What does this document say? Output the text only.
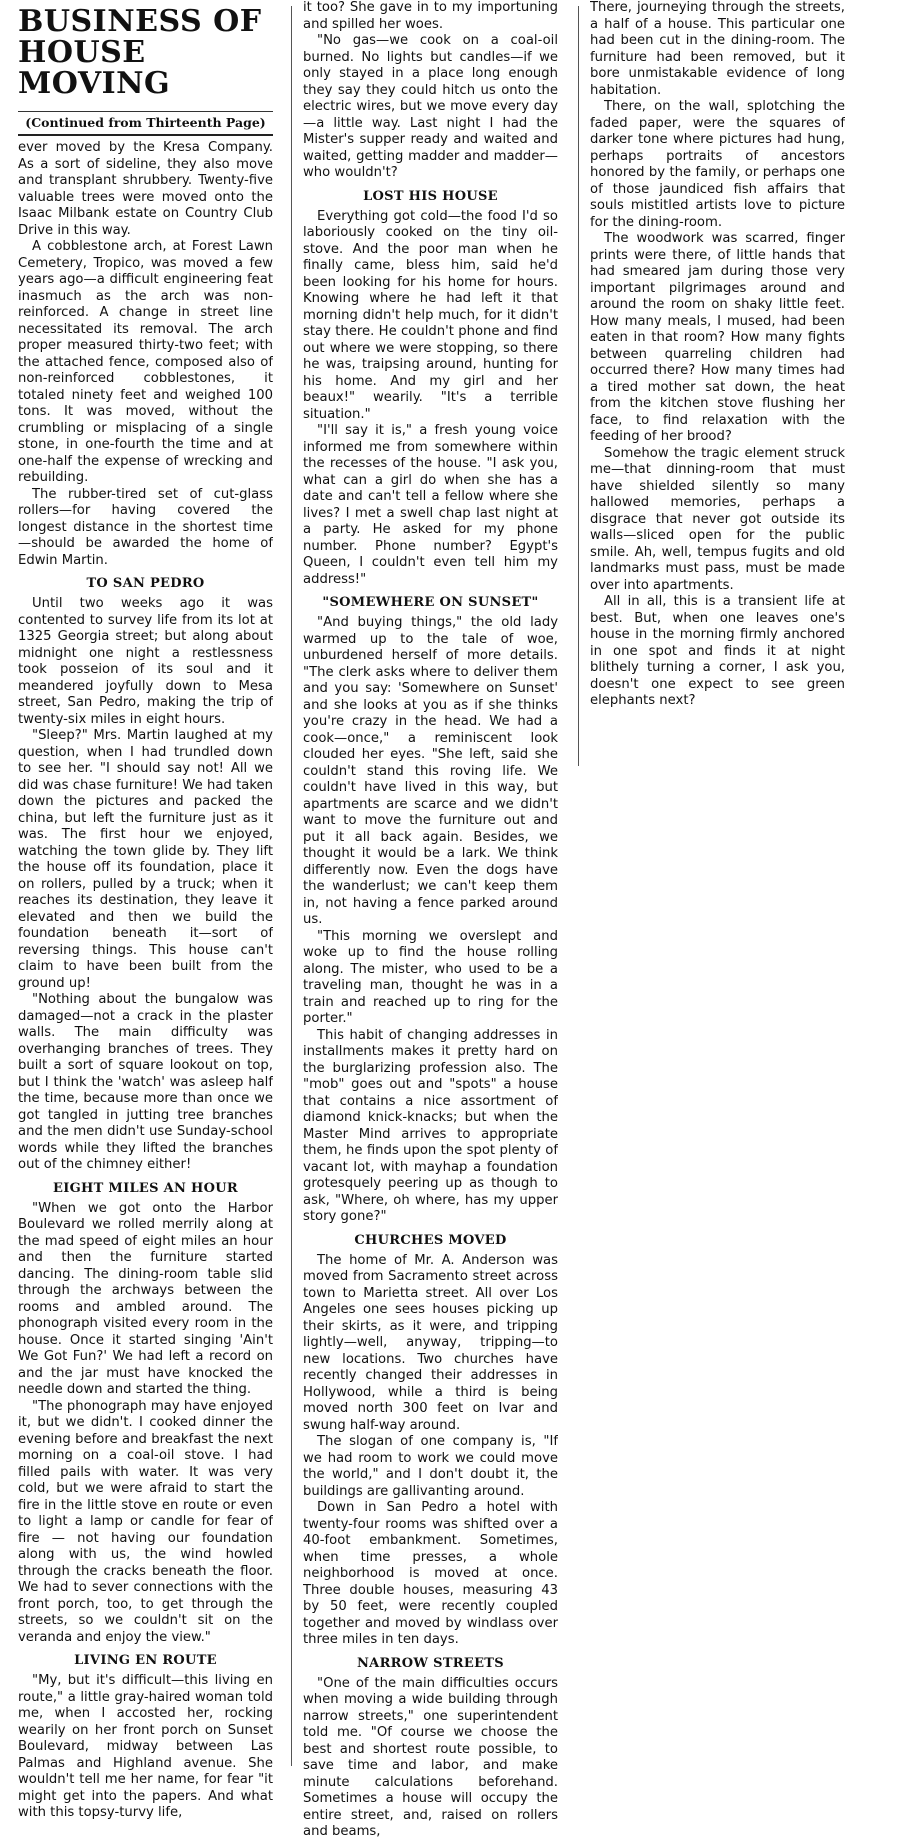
BUSINESS OF
HOUSE MOVING
(Continued from Thirteenth Page)

ever moved by the Kresa Company. As a sort of sideline, they also move and transplant shrubbery. Twenty-five valuable trees were moved onto the Isaac Milbank estate on Country Club Drive in this way.

A cobblestone arch, at Forest Lawn Cemetery, Tropico, was moved a few years ago—a difficult engineering feat inasmuch as the arch was non-reinforced. A change in street line necessitated its removal. The arch proper measured thirty-two feet; with the attached fence, composed also of non-reinforced cobblestones, it totaled ninety feet and weighed 100 tons. It was moved, without the crumbling or misplacing of a single stone, in one-fourth the time and at one-half the expense of wrecking and rebuilding.

The rubber-tired set of cut-glass rollers—for having covered the longest distance in the shortest time—should be awarded the home of Edwin Martin.

TO SAN PEDRO

Until two weeks ago it was contented to survey life from its lot at 1325 Georgia street; but along about midnight one night a restlessness took posseion of its soul and it meandered joyfully down to Mesa street, San Pedro, making the trip of twenty-six miles in eight hours.

"Sleep?" Mrs. Martin laughed at my question, when I had trundled down to see her. "I should say not! All we did was chase furniture! We had taken down the pictures and packed the china, but left the furniture just as it was. The first hour we enjoyed, watching the town glide by. They lift the house off its foundation, place it on rollers, pulled by a truck; when it reaches its destination, they leave it elevated and then we build the foundation beneath it—sort of reversing things. This house can't claim to have been built from the ground up!

"Nothing about the bungalow was damaged—not a crack in the plaster walls. The main difficulty was overhanging branches of trees. They built a sort of square lookout on top, but I think the 'watch' was asleep half the time, because more than once we got tangled in jutting tree branches and the men didn't use Sunday-school words while they lifted the branches out of the chimney either!

EIGHT MILES AN HOUR

"When we got onto the Harbor Boulevard we rolled merrily along at the mad speed of eight miles an hour and then the furniture started dancing. The dining-room table slid through the archways between the rooms and ambled around. The phonograph visited every room in the house. Once it started singing 'Ain't We Got Fun?' We had left a record on and the jar must have knocked the needle down and started the thing.

"The phonograph may have enjoyed it, but we didn't. I cooked dinner the evening before and breakfast the next morning on a coal-oil stove. I had filled pails with water. It was very cold, but we were afraid to start the fire in the little stove en route or even to light a lamp or candle for fear of fire — not having our foundation along with us, the wind howled through the cracks beneath the floor. We had to sever connections with the front porch, too, to get through the streets, so we couldn't sit on the veranda and enjoy the view."

LIVING EN ROUTE

"My, but it's difficult—this living en route," a little gray-haired woman told me, when I accosted her, rocking wearily on her front porch on Sunset Boulevard, midway between Las Palmas and Highland avenue. She wouldn't tell me her name, for fear "it might get into the papers. And what with this topsy-turvy life,

it too? She gave in to my importuning and spilled her woes.

"No gas—we cook on a coal-oil burned. No lights but candles—if we only stayed in a place long enough they say they could hitch us onto the electric wires, but we move every day—a little way. Last night I had the Mister's supper ready and waited and waited, getting madder and madder—who wouldn't?

LOST HIS HOUSE

Everything got cold—the food I'd so laboriously cooked on the tiny oil-stove. And the poor man when he finally came, bless him, said he'd been looking for his home for hours. Knowing where he had left it that morning didn't help much, for it didn't stay there. He couldn't phone and find out where we were stopping, so there he was, traipsing around, hunting for his home. And my girl and her beaux!" wearily. "It's a terrible situation."

"I'll say it is," a fresh young voice informed me from somewhere within the recesses of the house. "I ask you, what can a girl do when she has a date and can't tell a fellow where she lives? I met a swell chap last night at a party. He asked for my phone number. Phone number? Egypt's Queen, I couldn't even tell him my address!"

"SOMEWHERE ON SUNSET"

"And buying things," the old lady warmed up to the tale of woe, unburdened herself of more details. "The clerk asks where to deliver them and you say: 'Somewhere on Sunset' and she looks at you as if she thinks you're crazy in the head. We had a cook—once," a reminiscent look clouded her eyes. "She left, said she couldn't stand this roving life. We couldn't have lived in this way, but apartments are scarce and we didn't want to move the furniture out and put it all back again. Besides, we thought it would be a lark. We think differently now. Even the dogs have the wanderlust; we can't keep them in, not having a fence parked around us.

"This morning we overslept and woke up to find the house rolling along. The mister, who used to be a traveling man, thought he was in a train and reached up to ring for the porter."

This habit of changing addresses in installments makes it pretty hard on the burglarizing profession also. The "mob" goes out and "spots" a house that contains a nice assortment of diamond knick-knacks; but when the Master Mind arrives to appropriate them, he finds upon the spot plenty of vacant lot, with mayhap a foundation grotesquely peering up as though to ask, "Where, oh where, has my upper story gone?"

CHURCHES MOVED

The home of Mr. A. Anderson was moved from Sacramento street across town to Marietta street. All over Los Angeles one sees houses picking up their skirts, as it were, and tripping lightly—well, anyway, tripping—to new locations. Two churches have recently changed their addresses in Hollywood, while a third is being moved north 300 feet on Ivar and swung half-way around.

The slogan of one company is, "If we had room to work we could move the world," and I don't doubt it, the buildings are gallivanting around.

Down in San Pedro a hotel with twenty-four rooms was shifted over a 40-foot embankment. Sometimes, when time presses, a whole neighborhood is moved at once. Three double houses, measuring 43 by 50 feet, were recently coupled together and moved by windlass over three miles in ten days.

NARROW STREETS

"One of the main difficulties occurs when moving a wide building through narrow streets," one superintendent told me. "Of course we choose the best and shortest route possible, to save time and labor, and make minute calculations beforehand. Sometimes a house will occupy the entire street, and, raised on rollers and beams,

There, journeying through the streets, a half of a house. This particular one had been cut in the dining-room. The furniture had been removed, but it bore unmistakable evidence of long habitation.

There, on the wall, splotching the faded paper, were the squares of darker tone where pictures had hung, perhaps portraits of ancestors honored by the family, or perhaps one of those jaundiced fish affairs that souls mistitled artists love to picture for the dining-room.

The woodwork was scarred, finger prints were there, of little hands that had smeared jam during those very important pilgrimages around and around the room on shaky little feet. How many meals, I mused, had been eaten in that room? How many fights between quarreling children had occurred there? How many times had a tired mother sat down, the heat from the kitchen stove flushing her face, to find relaxation with the feeding of her brood?

Somehow the tragic element struck me—that dinning-room that must have shielded silently so many hallowed memories, perhaps a disgrace that never got outside its walls—sliced open for the public smile. Ah, well, tempus fugits and old landmarks must pass, must be made over into apartments.

All in all, this is a transient life at best. But, when one leaves one's house in the morning firmly anchored in one spot and finds it at night blithely turning a corner, I ask you, doesn't one expect to see green elephants next?
